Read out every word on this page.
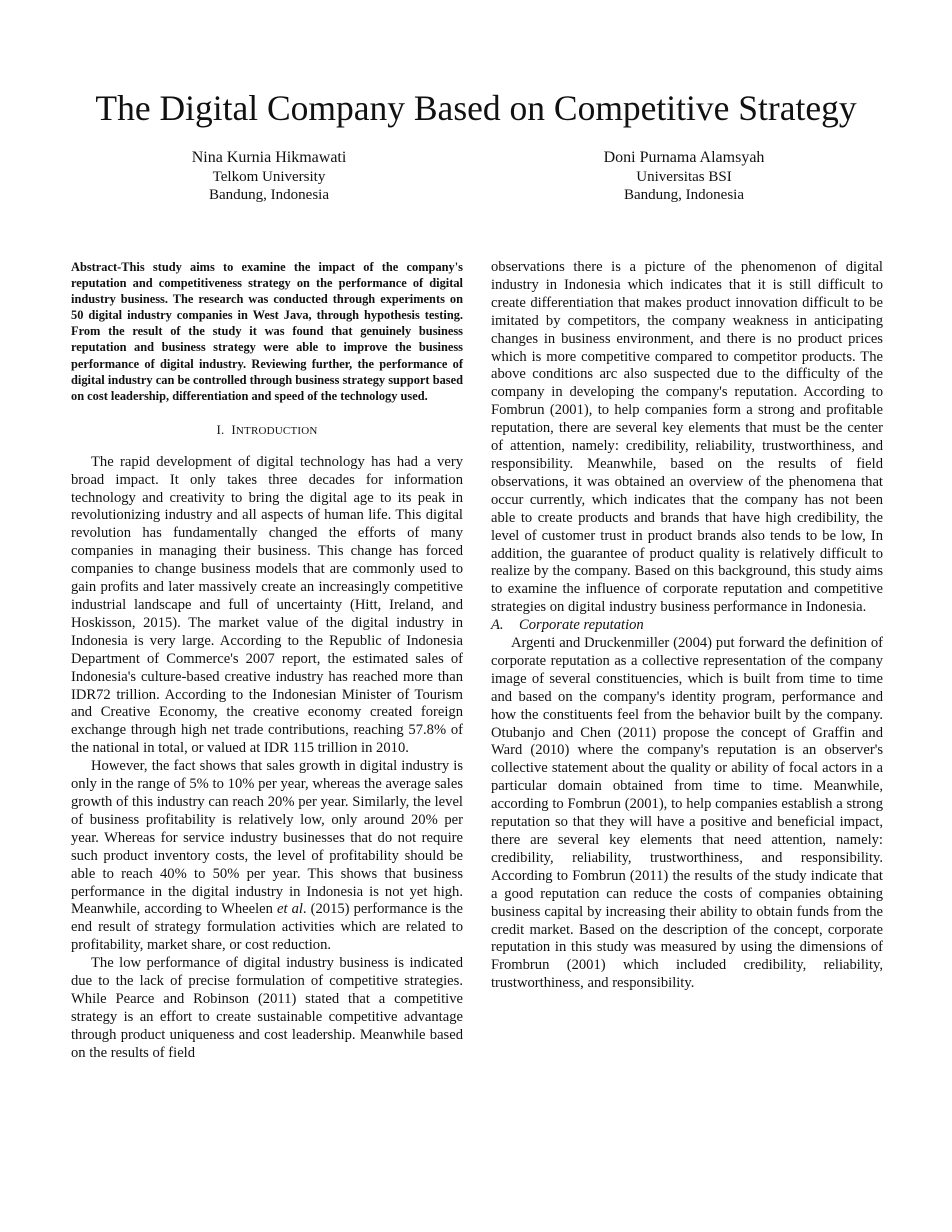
The Digital Company Based on Competitive Strategy
Nina Kurnia Hikmawati
Telkom University
Bandung, Indonesia
Doni Purnama Alamsyah
Universitas BSI
Bandung, Indonesia

Abstract-This study aims to examine the impact of the company's reputation and competitiveness strategy on the performance of digital industry business. The research was conducted through experiments on 50 digital industry companies in West Java, through hypothesis testing. From the result of the study it was found that genuinely business reputation and business strategy were able to improve the business performance of digital industry. Reviewing further, the performance of digital industry can be controlled through business strategy support based on cost leadership, differentiation and speed of the technology used.

I. INTRODUCTION

The rapid development of digital technology has had a very broad impact. It only takes three decades for information technology and creativity to bring the digital age to its peak in revolutionizing industry and all aspects of human life. This digital revolution has fundamentally changed the efforts of many companies in managing their business. This change has forced companies to change business models that are commonly used to gain profits and later massively create an increasingly competitive industrial landscape and full of uncertainty (Hitt, Ireland, and Hoskisson, 2015). The market value of the digital industry in Indonesia is very large. According to the Republic of Indonesia Department of Commerce's 2007 report, the estimated sales of Indonesia's culture-based creative industry has reached more than IDR72 trillion. According to the Indonesian Minister of Tourism and Creative Economy, the creative economy created foreign exchange through high net trade contributions, reaching 57.8% of the national in total, or valued at IDR 115 trillion in 2010.

However, the fact shows that sales growth in digital industry is only in the range of 5% to 10% per year, whereas the average sales growth of this industry can reach 20% per year. Similarly, the level of business profitability is relatively low, only around 20% per year. Whereas for service industry businesses that do not require such product inventory costs, the level of profitability should be able to reach 40% to 50% per year. This shows that business performance in the digital industry in Indonesia is not yet high. Meanwhile, according to Wheelen et al. (2015) performance is the end result of strategy formulation activities which are related to profitability, market share, or cost reduction.

The low performance of digital industry business is indicated due to the lack of precise formulation of competitive strategies. While Pearce and Robinson (2011) stated that a competitive strategy is an effort to create sustainable competitive advantage through product uniqueness and cost leadership. Meanwhile based on the results of field

observations there is a picture of the phenomenon of digital industry in Indonesia which indicates that it is still difficult to create differentiation that makes product innovation difficult to be imitated by competitors, the company weakness in anticipating changes in business environment, and there is no product prices which is more competitive compared to competitor products. The above conditions arc also suspected due to the difficulty of the company in developing the company's reputation. According to Fombrun (2001), to help companies form a strong and profitable reputation, there are several key elements that must be the center of attention, namely: credibility, reliability, trustworthiness, and responsibility. Meanwhile, based on the results of field observations, it was obtained an overview of the phenomena that occur currently, which indicates that the company has not been able to create products and brands that have high credibility, the level of customer trust in product brands also tends to be low, In addition, the guarantee of product quality is relatively difficult to realize by the company. Based on this background, this study aims to examine the influence of corporate reputation and competitive strategies on digital industry business performance in Indonesia.

A. Corporate reputation

Argenti and Druckenmiller (2004) put forward the definition of corporate reputation as a collective representation of the company image of several constituencies, which is built from time to time and based on the company's identity program, performance and how the constituents feel from the behavior built by the company. Otubanjo and Chen (2011) propose the concept of Graffin and Ward (2010) where the company's reputation is an observer's collective statement about the quality or ability of focal actors in a particular domain obtained from time to time. Meanwhile, according to Fombrun (2001), to help companies establish a strong reputation so that they will have a positive and beneficial impact, there are several key elements that need attention, namely: credibility, reliability, trustworthiness, and responsibility. According to Fombrun (2011) the results of the study indicate that a good reputation can reduce the costs of companies obtaining business capital by increasing their ability to obtain funds from the credit market. Based on the description of the concept, corporate reputation in this study was measured by using the dimensions of Frombrun (2001) which included credibility, reliability, trustworthiness, and responsibility.
